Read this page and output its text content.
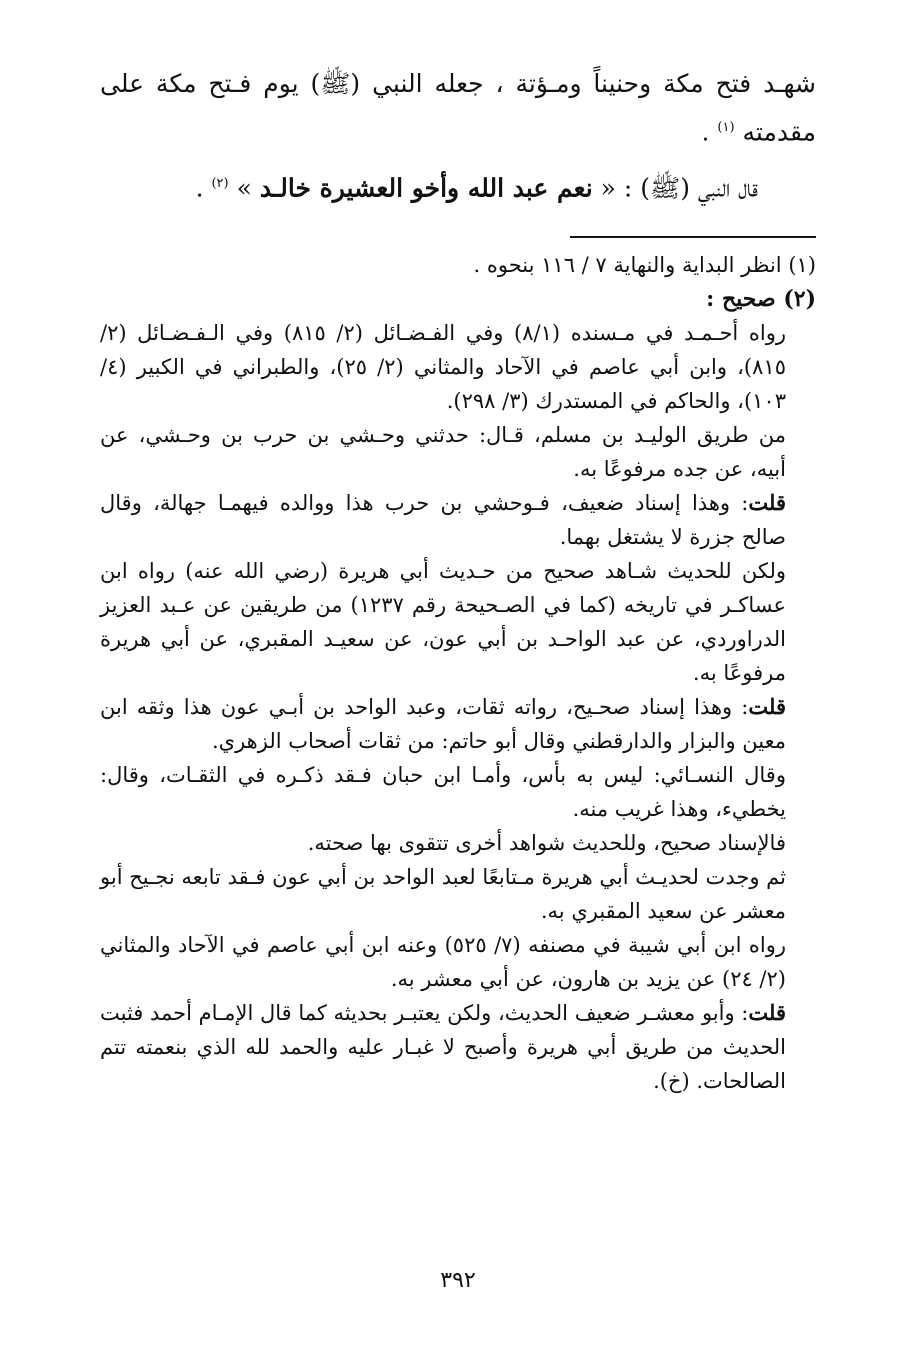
شهـد فتح مكة وحنيناً ومـؤتة ، جعله النبي (ﷺ) يوم فـتح مكة على مقدمته $^{(١)}$ .

قال النبي (ﷺ) : « نعم عبد الله وأخو العشيرة خالـد » $^{(٢)}$ .

(١) انظر البداية والنهاية ٧ / ١١٦ بنحوه .

(٢) صحيح :

رواه أحـمـد في مـسنده (٨/١) وفي الفـضـائل (٢/ ٨١٥) وفي الـفـضـائل (٢/ ٨١٥)، وابن أبي عاصم في الآحاد والمثاني (٢/ ٢٥)، والطبراني في الكبير (٤/ ١٠٣)، والحاكم في المستدرك (٣/ ٢٩٨).

من طريق الوليـد بن مسلم، قـال: حدثني وحـشي بن حرب بن وحـشي، عن أبيه، عن جده مرفوعًا به.

قلت: وهذا إسناد ضعيف، فـوحشي بن حرب هذا ووالده فيهمـا جهالة، وقال صالح جزرة لا يشتغل بهما.

ولكن للحديث شـاهد صحيح من حـديث أبي هريرة (رضي الله عنه) رواه ابن عساكـر في تاريخه (كما في الصـحيحة رقم ١٢٣٧) من طريقين عن عـبد العزيز الدراوردي، عن عبد الواحـد بن أبي عون، عن سعيـد المقبري، عن أبي هريرة مرفوعًا به.

قلت: وهذا إسناد صحـيح، رواته ثقات، وعبد الواحد بن أبـي عون هذا وثقه ابن معين والبزار والدارقطني وقال أبو حاتم: من ثقات أصحاب الزهري.

وقال النسـائي: ليس به بأس، وأمـا ابن حبان فـقد ذكـره في الثقـات، وقال: يخطيء، وهذا غريب منه.

فالإسناد صحيح، وللحديث شواهد أخرى تتقوى بها صحته.

ثم وجدت لحديـث أبي هريرة مـتابعًا لعبد الواحد بن أبي عون فـقد تابعه نجـيح أبو معشر عن سعيد المقبري به.

رواه ابن أبي شيبة في مصنفه (٧/ ٥٢٥) وعنه ابن أبي عاصم في الآحاد والمثاني (٢/ ٢٤) عن يزيد بن هارون، عن أبي معشر به.

قلت: وأبو معشـر ضعيف الحديث، ولكن يعتبـر بحديثه كما قال الإمـام أحمد فثبت الحديث من طريق أبي هريرة وأصبح لا غبـار عليه والحمد لله الذي بنعمته تتم الصالحات. (خ).

٣٩٢
